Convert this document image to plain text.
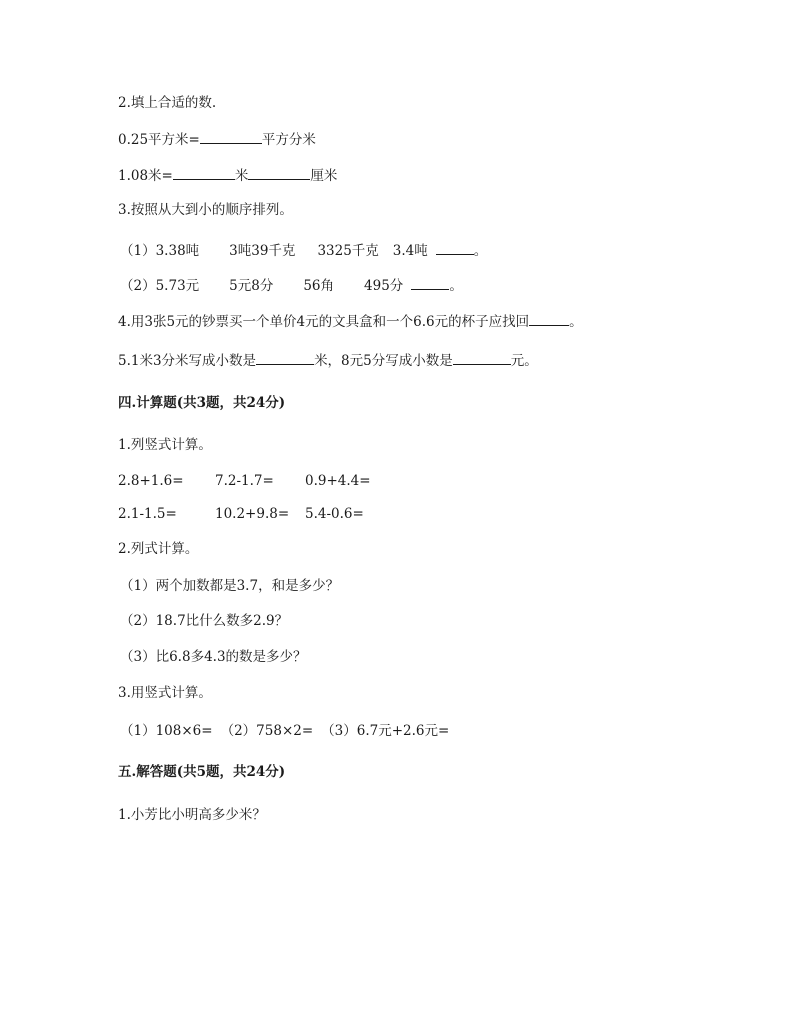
2.填上合适的数.
0.25平方米=	平方分米
1.08米=	米	厘米
3.按照从大到小的顺序排列。
（1）3.38吨 3吨39千克 3325千克 3.4吨	。
（2）5.73元 5元8分 56角 495分	。
4.用3张5元的钞票买一个单价4元的文具盒和一个6.6元的杯子应找回	。
5.1米3分米写成小数是	米，8元5分写成小数是	元。
四.计算题(共3题，共24分)
1.列竖式计算。
2.8+1.6= 7.2-1.7= 0.9+4.4=
2.1-1.5=	10.2+9.8= 5.4-0.6=
2.列式计算。
（1）两个加数都是3.7，和是多少？
（2）18.7比什么数多2.9？
（3）比6.8多4.3的数是多少？
3.用竖式计算。
（1）108×6= （2）758×2= （3）6.7元+2.6元=
五.解答题(共5题，共24分)
1.小芳比小明高多少米？
